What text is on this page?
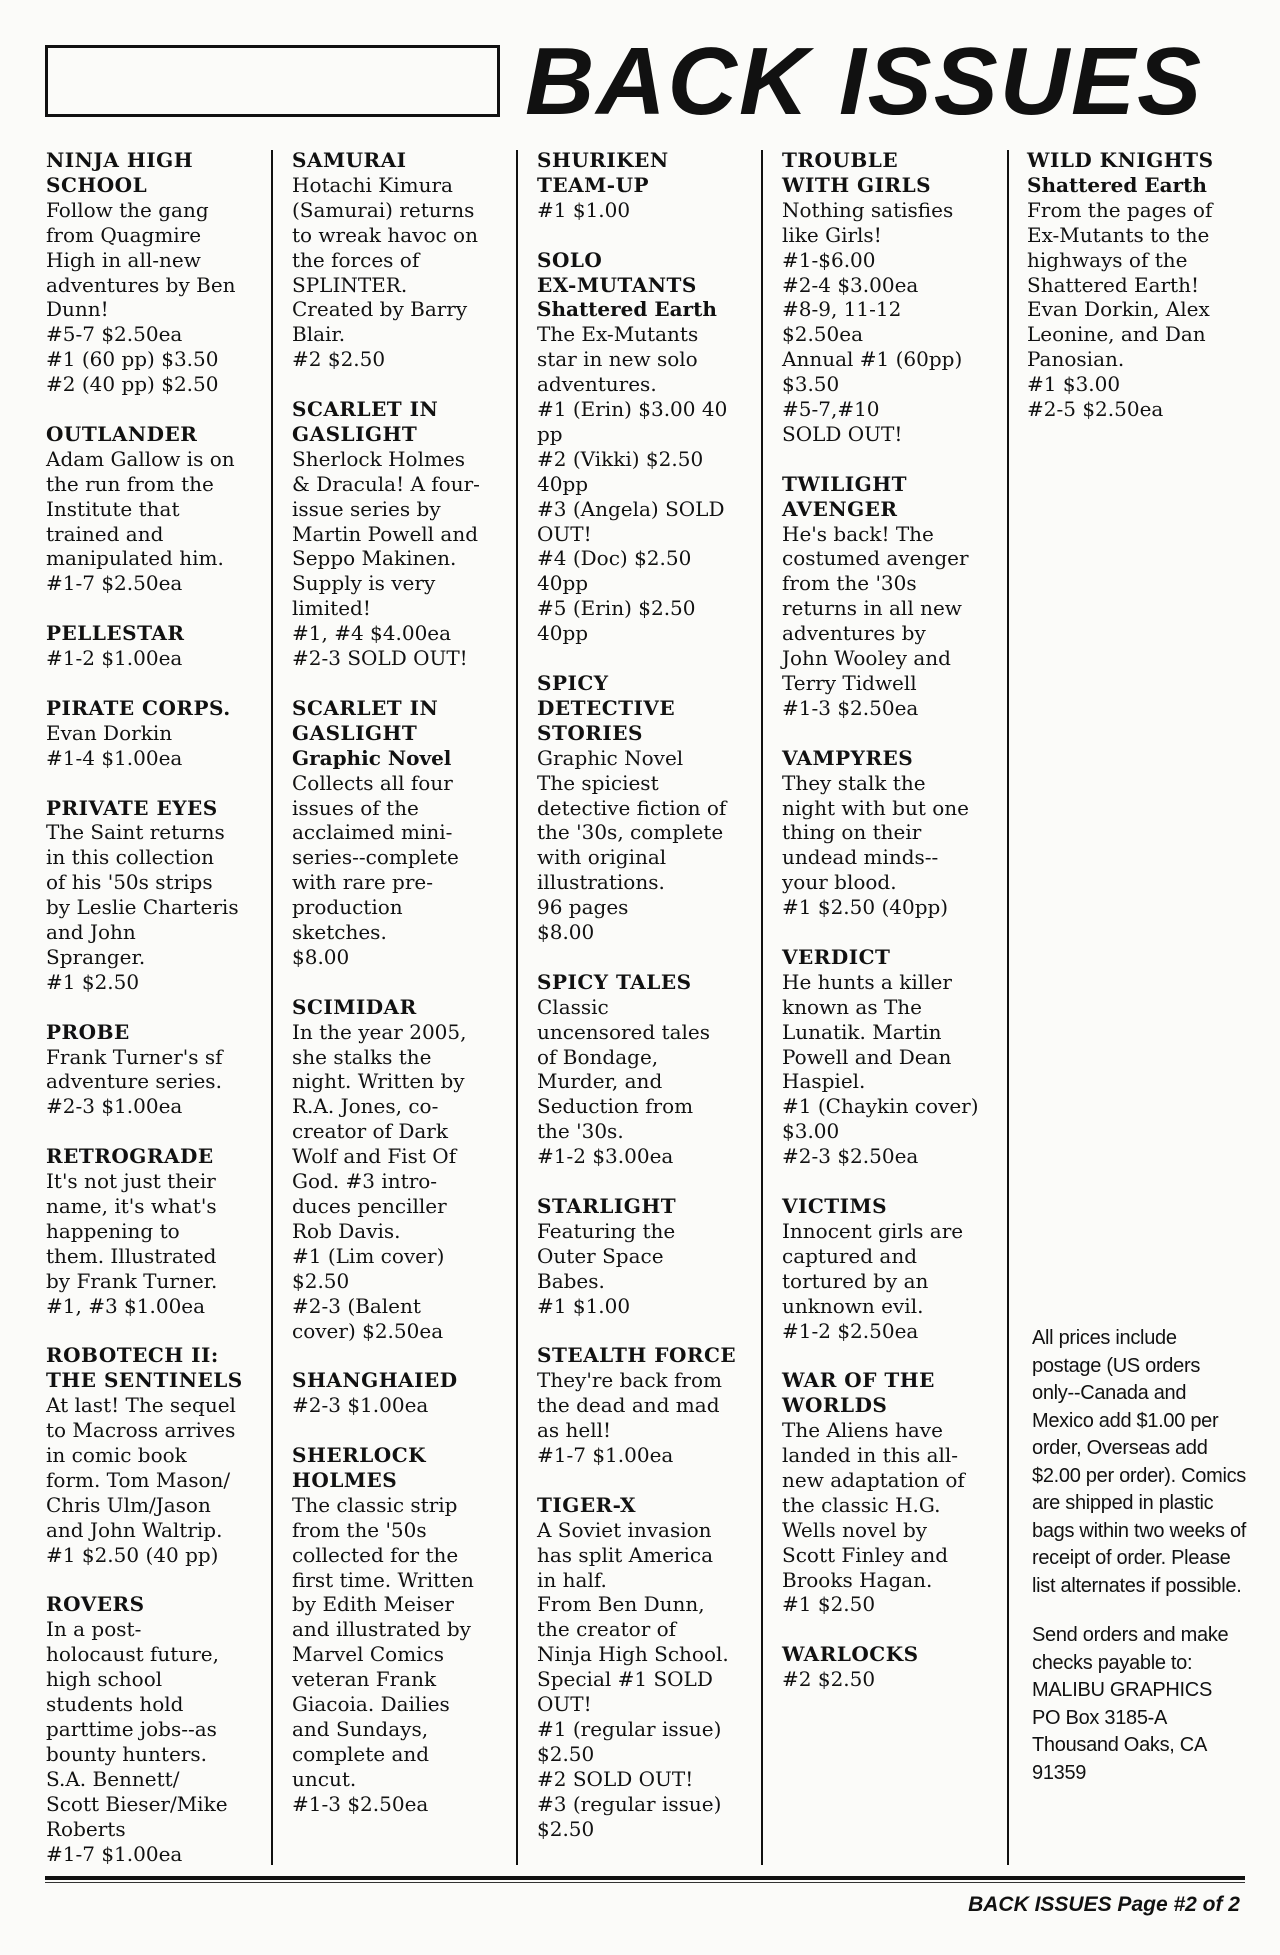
BACK ISSUES
NINJA HIGH
SCHOOL
Follow the gang
from Quagmire
High in all-new
adventures by Ben
Dunn!
#5-7 $2.50ea
#1 (60 pp) $3.50
#2 (40 pp) $2.50
OUTLANDER
Adam Gallow is on
the run from the
Institute that
trained and
manipulated him.
#1-7 $2.50ea
PELLESTAR
#1-2 $1.00ea
PIRATE CORPS.
Evan Dorkin
#1-4 $1.00ea
PRIVATE EYES
The Saint returns
in this collection
of his '50s strips
by Leslie Charteris
and John
Spranger.
#1 $2.50
PROBE
Frank Turner's sf
adventure series.
#2-3 $1.00ea
RETROGRADE
It's not just their
name, it's what's
happening to
them. Illustrated
by Frank Turner.
#1, #3 $1.00ea
ROBOTECH II:
THE SENTINELS
At last! The sequel
to Macross arrives
in comic book
form. Tom Mason/
Chris Ulm/Jason
and John Waltrip.
#1 $2.50 (40 pp)
ROVERS
In a post-
holocaust future,
high school
students hold
parttime jobs--as
bounty hunters.
S.A. Bennett/
Scott Bieser/Mike
Roberts
#1-7 $1.00ea
SAMURAI
Hotachi Kimura
(Samurai) returns
to wreak havoc on
the forces of
SPLINTER.
Created by Barry
Blair.
#2 $2.50
SCARLET IN
GASLIGHT
Sherlock Holmes
& Dracula! A four-
issue series by
Martin Powell and
Seppo Makinen.
Supply is very
limited!
#1, #4 $4.00ea
#2-3 SOLD OUT!
SCARLET IN
GASLIGHT
Graphic Novel
Collects all four
issues of the
acclaimed mini-
series--complete
with rare pre-
production
sketches.
$8.00
SCIMIDAR
In the year 2005,
she stalks the
night. Written by
R.A. Jones, co-
creator of Dark
Wolf and Fist Of
God. #3 intro-
duces penciller
Rob Davis.
#1 (Lim cover)
$2.50
#2-3 (Balent
cover) $2.50ea
SHANGHAIED
#2-3 $1.00ea
SHERLOCK
HOLMES
The classic strip
from the '50s
collected for the
first time. Written
by Edith Meiser
and illustrated by
Marvel Comics
veteran Frank
Giacoia. Dailies
and Sundays,
complete and
uncut.
#1-3 $2.50ea
SHURIKEN
TEAM-UP
#1 $1.00
SOLO
EX-MUTANTS
Shattered Earth
The Ex-Mutants
star in new solo
adventures.
#1 (Erin) $3.00 40
pp
#2 (Vikki) $2.50
40pp
#3 (Angela) SOLD
OUT!
#4 (Doc) $2.50
40pp
#5 (Erin) $2.50
40pp
SPICY
DETECTIVE
STORIES
Graphic Novel
The spiciest
detective fiction of
the '30s, complete
with original
illustrations.
96 pages
$8.00
SPICY TALES
Classic
uncensored tales
of Bondage,
Murder, and
Seduction from
the '30s.
#1-2 $3.00ea
STARLIGHT
Featuring the
Outer Space
Babes.
#1 $1.00
STEALTH FORCE
They're back from
the dead and mad
as hell!
#1-7 $1.00ea
TIGER-X
A Soviet invasion
has split America
in half.
From Ben Dunn,
the creator of
Ninja High School.
Special #1 SOLD
OUT!
#1 (regular issue)
$2.50
#2 SOLD OUT!
#3 (regular issue)
$2.50
TROUBLE
WITH GIRLS
Nothing satisfies
like Girls!
#1-$6.00
#2-4 $3.00ea
#8-9, 11-12
$2.50ea
Annual #1 (60pp)
$3.50
#5-7,#10
SOLD OUT!
TWILIGHT
AVENGER
He's back! The
costumed avenger
from the '30s
returns in all new
adventures by
John Wooley and
Terry Tidwell
#1-3 $2.50ea
VAMPYRES
They stalk the
night with but one
thing on their
undead minds--
your blood.
#1 $2.50 (40pp)
VERDICT
He hunts a killer
known as The
Lunatik. Martin
Powell and Dean
Haspiel.
#1 (Chaykin cover)
$3.00
#2-3 $2.50ea
VICTIMS
Innocent girls are
captured and
tortured by an
unknown evil.
#1-2 $2.50ea
WAR OF THE
WORLDS
The Aliens have
landed in this all-
new adaptation of
the classic H.G.
Wells novel by
Scott Finley and
Brooks Hagan.
#1 $2.50
WARLOCKS
#2 $2.50
WILD KNIGHTS
Shattered Earth
From the pages of
Ex-Mutants to the
highways of the
Shattered Earth!
Evan Dorkin, Alex
Leonine, and Dan
Panosian.
#1 $3.00
#2-5 $2.50ea

All prices include postage (US orders only--Canada and Mexico add $1.00 per order, Overseas add $2.00 per order). Comics are shipped in plastic bags within two weeks of receipt of order. Please list alternates if possible.

Send orders and make checks payable to:
MALIBU GRAPHICS
PO Box 3185-A
Thousand Oaks, CA
91359
BACK ISSUES Page #2 of 2
